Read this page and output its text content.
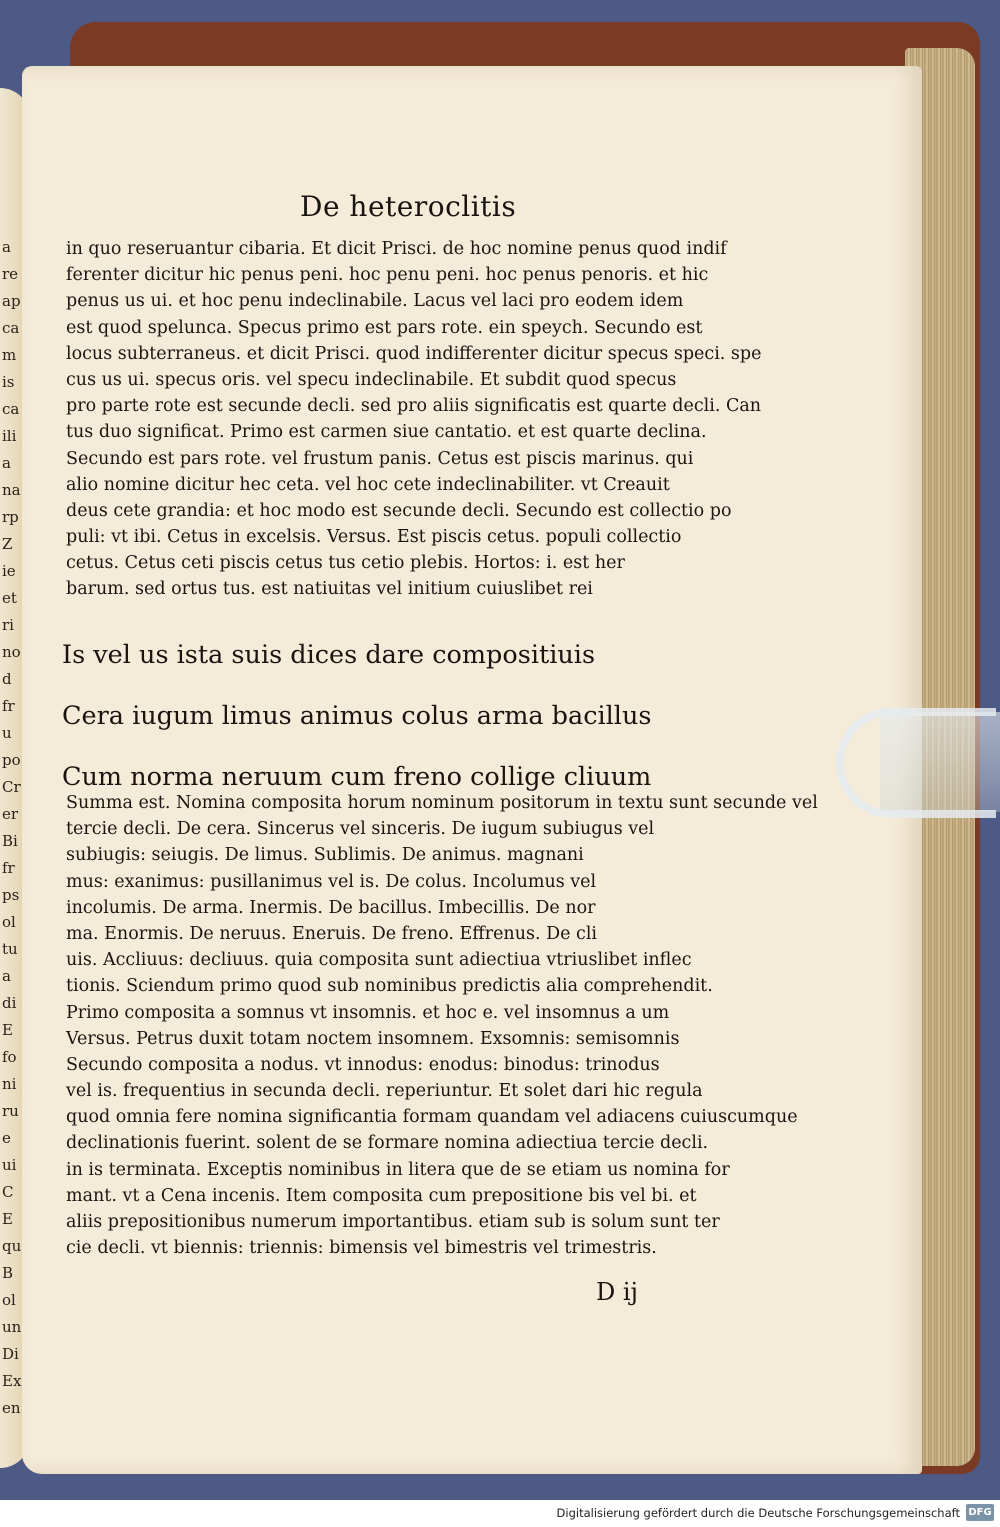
a
re
ap
ca
m
is
ca
ili
a
na
rp
Z
ie
et
ri
no
d
fr
u
po
Cr
er
Bi
fr
ps
ol
tu
a
di
E
fo
ni
ru
e
ui
C
E
qu
B
ol
un
Di
Ex
en
De heteroclitis
in quo reseruantur cibaria. Et dicit Prisci. de hoc nomine penus quod indif
ferenter dicitur hic penus peni. hoc penu peni. hoc penus penoris. et hic
penus us ui. et hoc penu indeclinabile. Lacus vel laci pro eodem idem
est quod spelunca. Specus primo est pars rote. ein speych. Secundo est
locus subterraneus. et dicit Prisci. quod indifferenter dicitur specus speci. spe
cus us ui. specus oris. vel specu indeclinabile. Et subdit quod specus
pro parte rote est secunde decli. sed pro aliis significatis est quarte decli. Can
tus duo significat. Primo est carmen siue cantatio. et est quarte declina.
Secundo est pars rote. vel frustum panis. Cetus est piscis marinus. qui
alio nomine dicitur hec ceta. vel hoc cete indeclinabiliter. vt Creauit
deus cete grandia: et hoc modo est secunde decli. Secundo est collectio po
puli: vt ibi. Cetus in excelsis. Versus. Est piscis cetus. populi collectio
cetus. Cetus ceti piscis cetus tus cetio plebis. Hortos: i. est her
barum. sed ortus tus. est natiuitas vel initium cuiuslibet rei
Is vel us ista suis dices dare compositiuis
Cera iugum limus animus colus arma bacillus
Cum norma neruum cum freno collige cliuum
Summa est. Nomina composita horum nominum positorum in textu sunt secunde vel
tercie decli. De cera. Sincerus vel sinceris. De iugum subiugus vel
subiugis: seiugis. De limus. Sublimis. De animus. magnani
mus: exanimus: pusillanimus vel is. De colus. Incolumus vel
incolumis. De arma. Inermis. De bacillus. Imbecillis. De nor
ma. Enormis. De neruus. Eneruis. De freno. Effrenus. De cli
uis. Accliuus: decliuus. quia composita sunt adiectiua vtriuslibet inflec
tionis. Sciendum primo quod sub nominibus predictis alia comprehendit.
Primo composita a somnus vt insomnis. et hoc e. vel insomnus a um
Versus. Petrus duxit totam noctem insomnem. Exsomnis: semisomnis
Secundo composita a nodus. vt innodus: enodus: binodus: trinodus
vel is. frequentius in secunda decli. reperiuntur. Et solet dari hic regula
quod omnia fere nomina significantia formam quandam vel adiacens cuiuscumque
declinationis fuerint. solent de se formare nomina adiectiua tercie decli.
in is terminata. Exceptis nominibus in litera que de se etiam us nomina for
mant. vt a Cena incenis. Item composita cum prepositione bis vel bi. et
aliis prepositionibus numerum importantibus. etiam sub is solum sunt ter
cie decli. vt biennis: triennis: bimensis vel bimestris vel trimestris.
D ij
Digitalisierung gefördert durch die Deutsche Forschungsgemeinschaft DFG
